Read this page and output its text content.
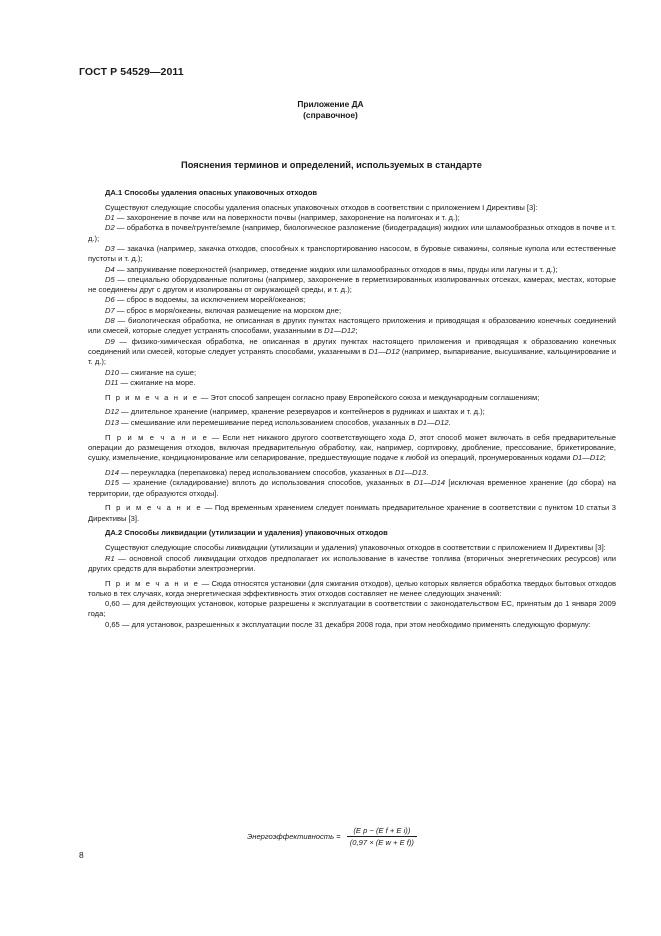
ГОСТ Р 54529—2011
Приложение ДА
(справочное)
Пояснения терминов и определений, используемых в стандарте

ДА.1 Способы удаления опасных упаковочных отходов

Существуют следующие способы удаления опасных упаковочных отходов в соответствии с приложением I Директивы [3]:

D1 — захоронение в почве или на поверхности почвы (например, захоронение на полигонах и т. д.);

D2 — обработка в почве/грунте/земле (например, биологическое разложение (биодеградация) жидких или шламообразных отходов в почве и т. д.);

D3 — закачка (например, закачка отходов, способных к транспортированию насосом, в буровые скважины, соляные купола или естественные пустоты и т. д.);

D4 — запруживание поверхностей (например, отведение жидких или шламообразных отходов в ямы, пруды или лагуны и т. д.);

D5 — специально оборудованные полигоны (например, захоронение в герметизированных изолированных отсеках, камерах, местах, которые не соединены друг с другом и изолированы от окружающей среды, и т. д.);

D6 — сброс в водоемы, за исключением морей/океанов;

D7 — сброс в моря/океаны, включая размещение на морском дне;

D8 — биологическая обработка, не описанная в других пунктах настоящего приложения и приводящая к образованию конечных соединений или смесей, которые следует устранять способами, указанными в D1—D12;

D9 — физико-химическая обработка, не описанная в других пунктах настоящего приложения и приводящая к образованию конечных соединений или смесей, которые следует устранять способами, указанными в D1—D12 (например, выпаривание, высушивание, кальцинирование и т. д.);

D10 — сжигание на суше;

D11 — сжигание на море.

П р и м е ч а н и е — Этот способ запрещен согласно праву Европейского союза и международным соглашениям;

D12 — длительное хранение (например, хранение резервуаров и контейнеров в рудниках и шахтах и т. д.);

D13 — смешивание или перемешивание перед использованием способов, указанных в D1—D12.

П р и м е ч а н и е — Если нет никакого другого соответствующего хода D, этот способ может включать в себя предварительные операции до размещения отходов, включая предварительную обработку, как, например, сортировку, дробление, прессование, брикетирование, сушку, измельчение, кондиционирование или сепарирование, предшествующие подаче к любой из операций, пронумерованных кодами D1—D12;

D14 — переукладка (перепаковка) перед использованием способов, указанных в D1—D13.

D15 — хранение (складирование) вплоть до использования способов, указанных в D1—D14 [исключая временное хранение (до сбора) на территории, где образуются отходы].

П р и м е ч а н и е — Под временным хранением следует понимать предварительное хранение в соответствии с пунктом 10 статьи 3 Директивы [3].

ДА.2 Способы ликвидации (утилизации и удаления) упаковочных отходов

Существуют следующие способы ликвидации (утилизации и удаления) упаковочных отходов в соответствии с приложением II Директивы [3]:

R1 — основной способ ликвидации отходов предполагает их использование в качестве топлива (вторичных энергетических ресурсов) или других средств для выработки электроэнергии.

П р и м е ч а н и е — Сюда относятся установки (для сжигания отходов), целью которых является обработка твердых бытовых отходов только в тех случаях, когда энергетическая эффективность этих отходов составляет не менее следующих значений:

0,60 — для действующих установок, которые разрешены к эксплуатации в соответствии с законодательством ЕС, принятым до 1 января 2009 года;

0,65 — для установок, разрешенных к эксплуатации после 31 декабря 2008 года, при этом необходимо применять следующую формулу:

Энергоэффективность = $\frac{\text{(E p − (E f + E i))}}{\text{(0,97 × (E w + E f))}}$
8
